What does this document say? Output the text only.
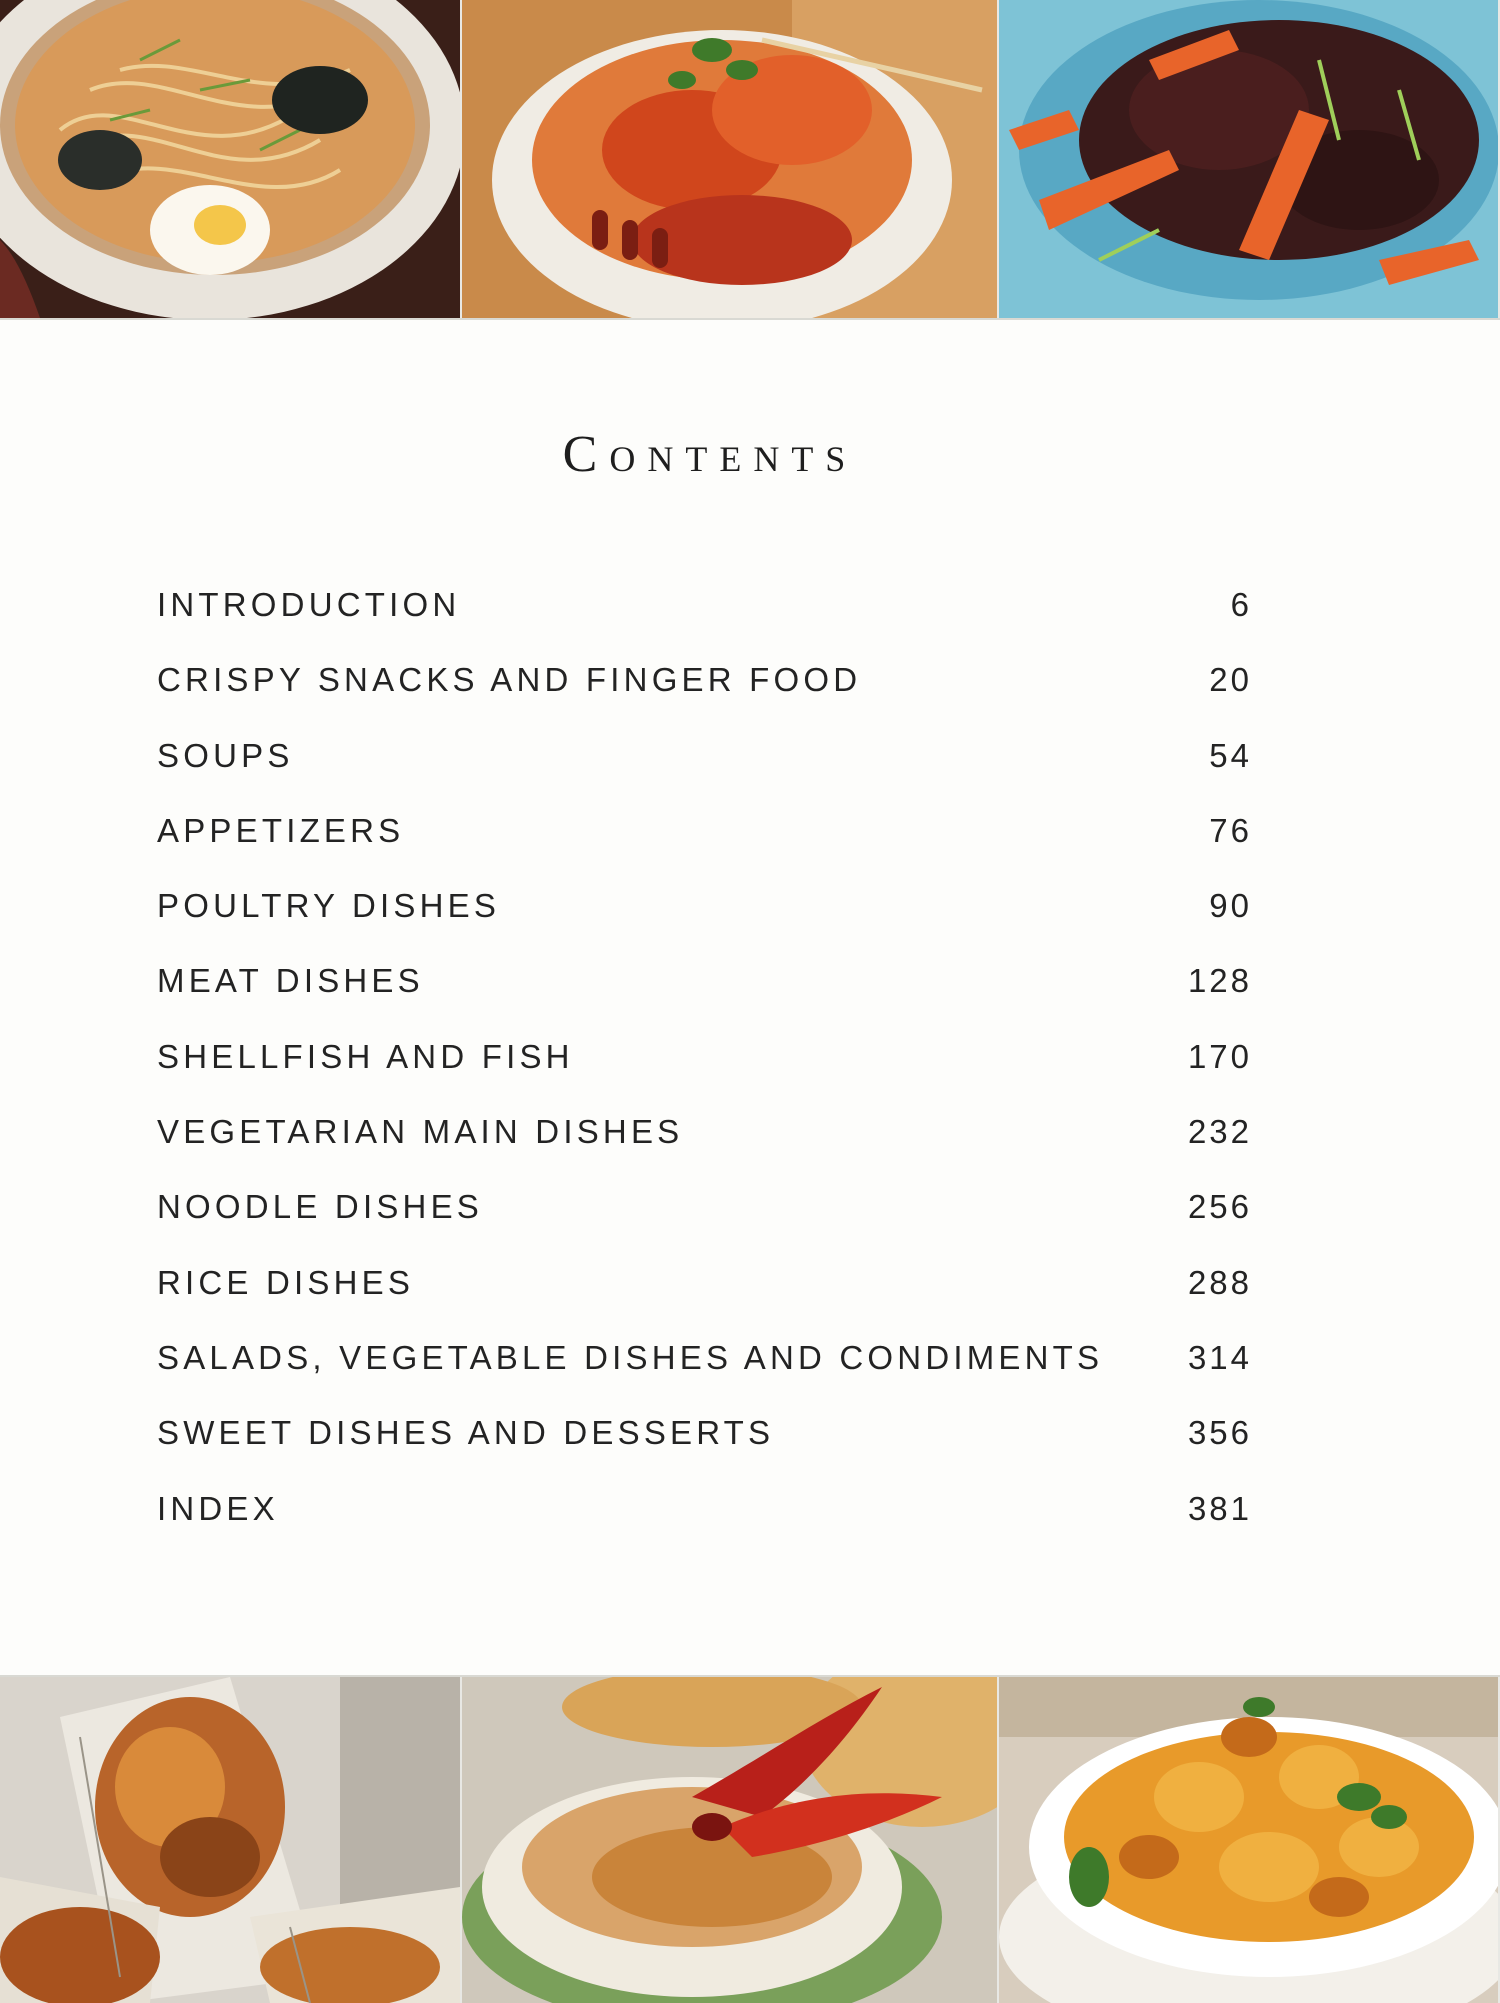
Contents
INTRODUCTION	6
CRISPY SNACKS AND FINGER FOOD	20
SOUPS	54
APPETIZERS	76
POULTRY DISHES	90
MEAT DISHES	128
SHELLFISH AND FISH	170
VEGETARIAN MAIN DISHES	232
NOODLE DISHES	256
RICE DISHES	288
SALADS, VEGETABLE DISHES AND CONDIMENTS	314
SWEET DISHES AND DESSERTS	356
INDEX	381
